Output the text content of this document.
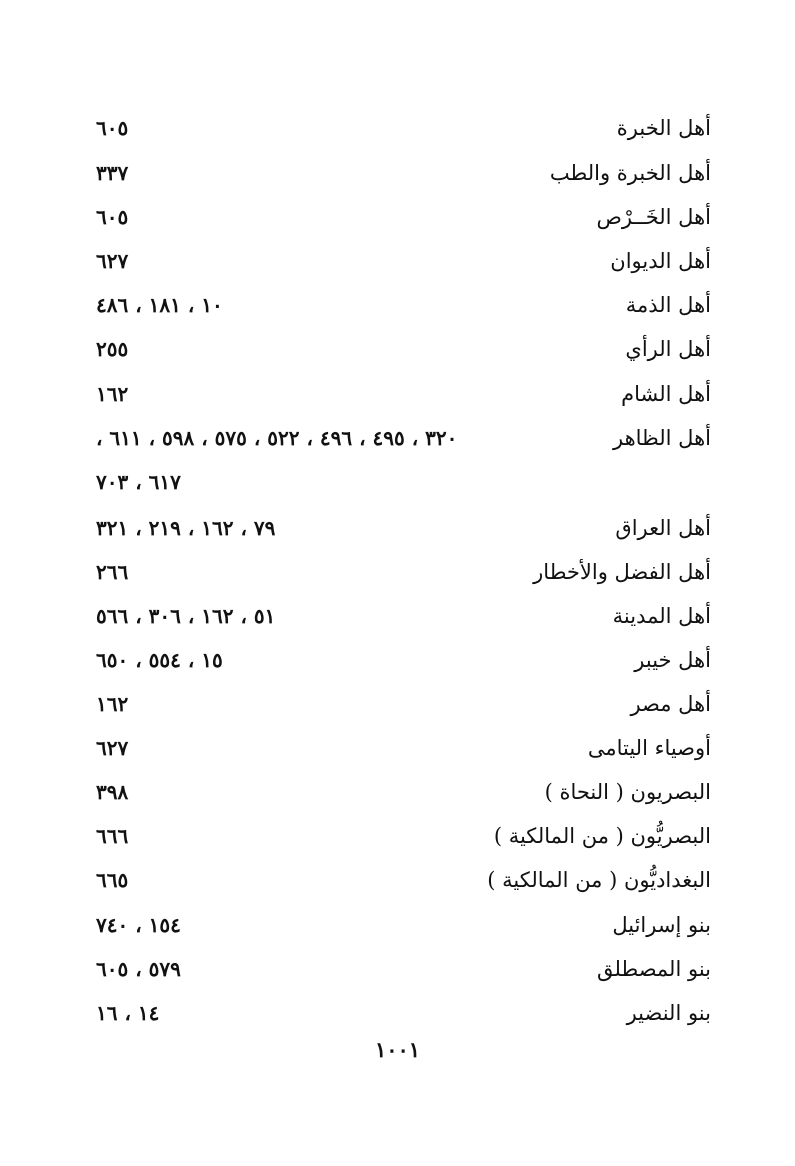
أهل الخبرة
٦٠٥
أهل الخبرة والطب
٣٣٧
أهل الخَــرْص
٦٠٥
أهل الديوان
٦٢٧
أهل الذمة
١٠ ، ١٨١ ، ٤٨٦
أهل الرأي
٢٥٥
أهل الشام
١٦٢
أهل الظاهر
٣٢٠ ، ٤٩٥ ، ٤٩٦ ، ٥٢٢ ، ٥٧٥ ، ٥٩٨ ، ٦١١ ،
٦١٧ ، ٧٠٣
أهل العراق
٧٩ ، ١٦٢ ، ٢١٩ ، ٣٢١
أهل الفضل والأخطار
٢٦٦
أهل المدينة
٥١ ، ١٦٢ ، ٣٠٦ ، ٥٦٦
أهل خيبر
١٥ ، ٥٥٤ ، ٦٥٠
أهل مصر
١٦٢
أوصياء اليتامى
٦٢٧
البصريون ( النحاة )
٣٩٨
البصريُّون ( من المالكية )
٦٦٦
البغداديُّون ( من المالكية )
٦٦٥
بنو إسرائيل
١٥٤ ، ٧٤٠
بنو المصطلق
٥٧٩ ، ٦٠٥
بنو النضير
١٤ ، ١٦
١٠٠١
